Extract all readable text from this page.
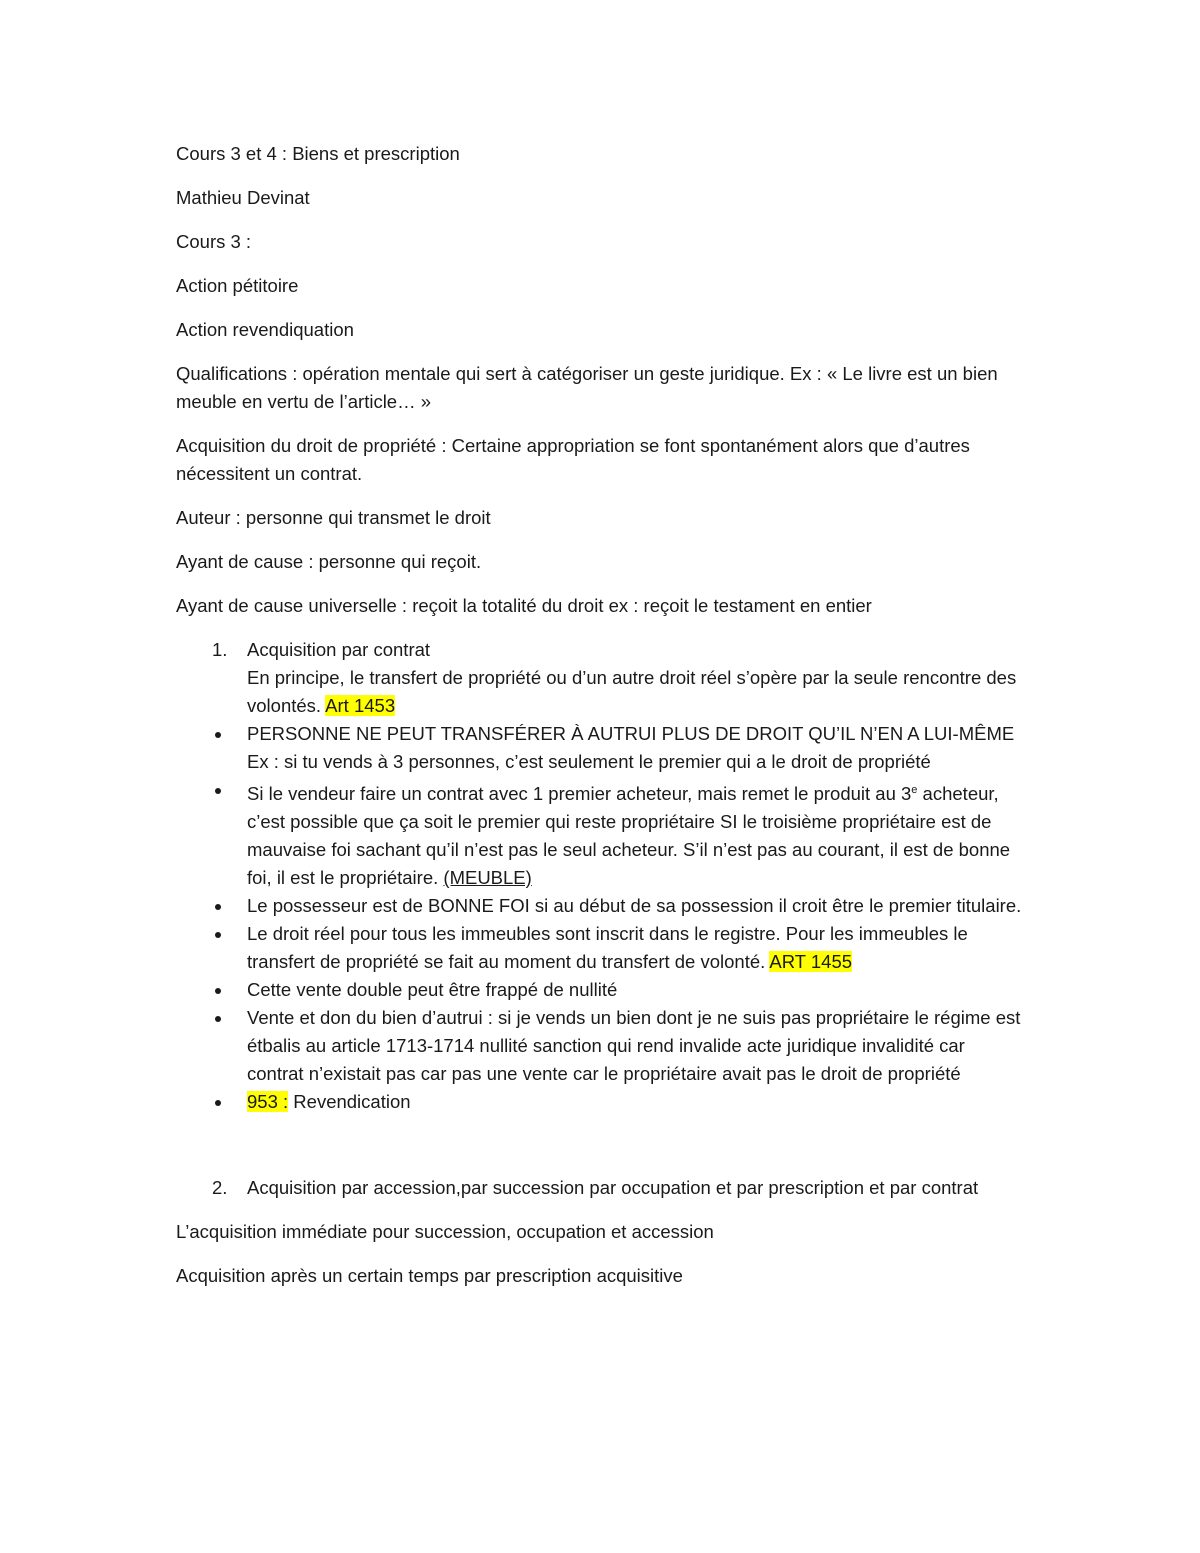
Cours 3 et 4 : Biens et prescription

Mathieu Devinat

Cours 3 :

Action pétitoire

Action revendiquation

Qualifications : opération mentale qui sert à catégoriser un geste juridique. Ex : « Le livre est un bien meuble en vertu de l’article… »

Acquisition du droit de propriété : Certaine appropriation se font spontanément alors que d’autres nécessitent un contrat.

Auteur : personne qui transmet le droit

Ayant de cause : personne qui reçoit.

Ayant de cause universelle : reçoit la totalité du droit ex : reçoit le testament en entier

1. Acquisition par contrat
En principe, le transfert de propriété ou d’un autre droit réel s’opère par la seule rencontre des volontés. Art 1453
PERSONNE NE PEUT TRANSFÉRER À AUTRUI PLUS DE DROIT QU’IL N’EN A LUI-MÊME
Ex : si tu vends à 3 personnes, c’est seulement le premier qui a le droit de propriété
Si le vendeur faire un contrat avec 1 premier acheteur, mais remet le produit au 3e acheteur, c’est possible que ça soit le premier qui reste propriétaire SI le troisième propriétaire est de mauvaise foi sachant qu’il n’est pas le seul acheteur. S’il n’est pas au courant, il est de bonne foi, il est le propriétaire. (MEUBLE)
Le possesseur est de BONNE FOI si au début de sa possession il croit être le premier titulaire.
Le droit réel pour tous les immeubles sont inscrit dans le registre. Pour les immeubles le transfert de propriété se fait au moment du transfert de volonté. ART 1455
Cette vente double peut être frappé de nullité
Vente et don du bien d’autrui : si je vends un bien dont je ne suis pas propriétaire le régime est étbalis au article 1713-1714 nullité sanction qui rend invalide acte juridique invalidité car contrat n’existait pas car pas une vente car le propriétaire avait pas le droit de propriété
953 : Revendication
2. Acquisition par accession,par succession par occupation et par prescription et par contrat

L’acquisition immédiate pour succession, occupation et accession

Acquisition après un certain temps par prescription acquisitive
